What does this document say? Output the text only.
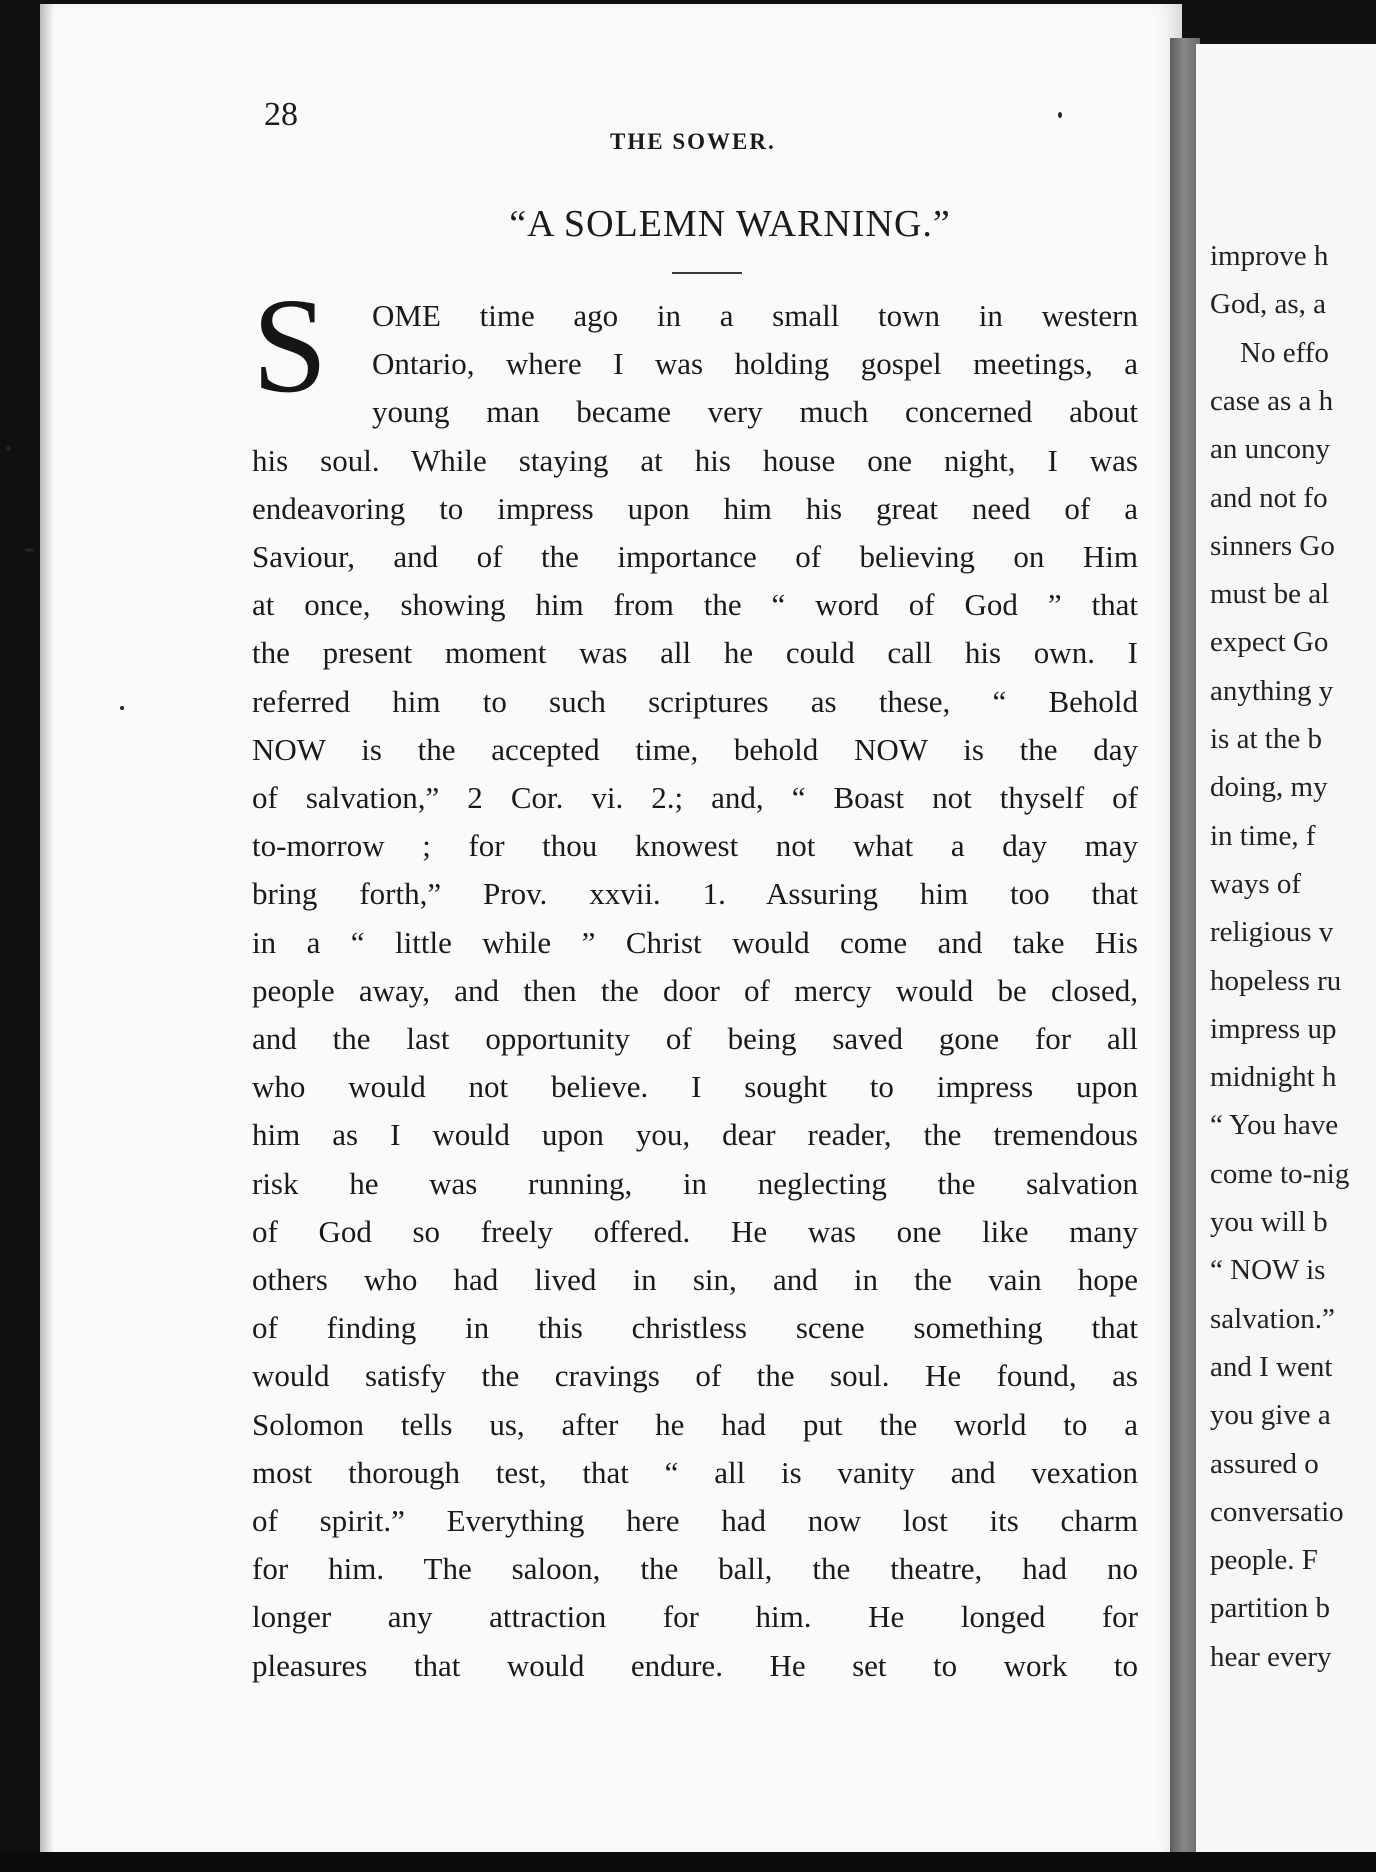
improve h
God, as, a
No effo
case as a h
an uncony
and not fo
sinners Go
must be al
expect Go
anything y
is at the b
doing, my
in time, f
ways of
religious v
hopeless ru
impress up
midnight h
“ You have
come to-nig
you will b
“ NOW is
salvation.”
and I went
you give a
assured o
conversatio
people. F
partition b
hear every
28
THE SOWER.
“A SOLEMN WARNING.”
S OME time ago in a small town in western
Ontario, where I was holding gospel meetings, a
young man became very much concerned about
his soul. While staying at his house one night, I was
endeavoring to impress upon him his great need of a
Saviour, and of the importance of believing on Him
at once, showing him from the “ word of God ” that
the present moment was all he could call his own. I
referred him to such scriptures as these, “ Behold
NOW is the accepted time, behold NOW is the day
of salvation,” 2 Cor. vi. 2.; and, “ Boast not thyself of
to-morrow ; for thou knowest not what a day may
bring forth,” Prov. xxvii. 1. Assuring him too that
in a “ little while ” Christ would come and take His
people away, and then the door of mercy would be closed,
and the last opportunity of being saved gone for all
who would not believe. I sought to impress upon
him as I would upon you, dear reader, the tremendous
risk he was running, in neglecting the salvation
of God so freely offered. He was one like many
others who had lived in sin, and in the vain hope
of finding in this christless scene something that
would satisfy the cravings of the soul. He found, as
Solomon tells us, after he had put the world to a
most thorough test, that “ all is vanity and vexation
of spirit.” Everything here had now lost its charm
for him. The saloon, the ball, the theatre, had no
longer any attraction for him. He longed for
pleasures that would endure. He set to work to
